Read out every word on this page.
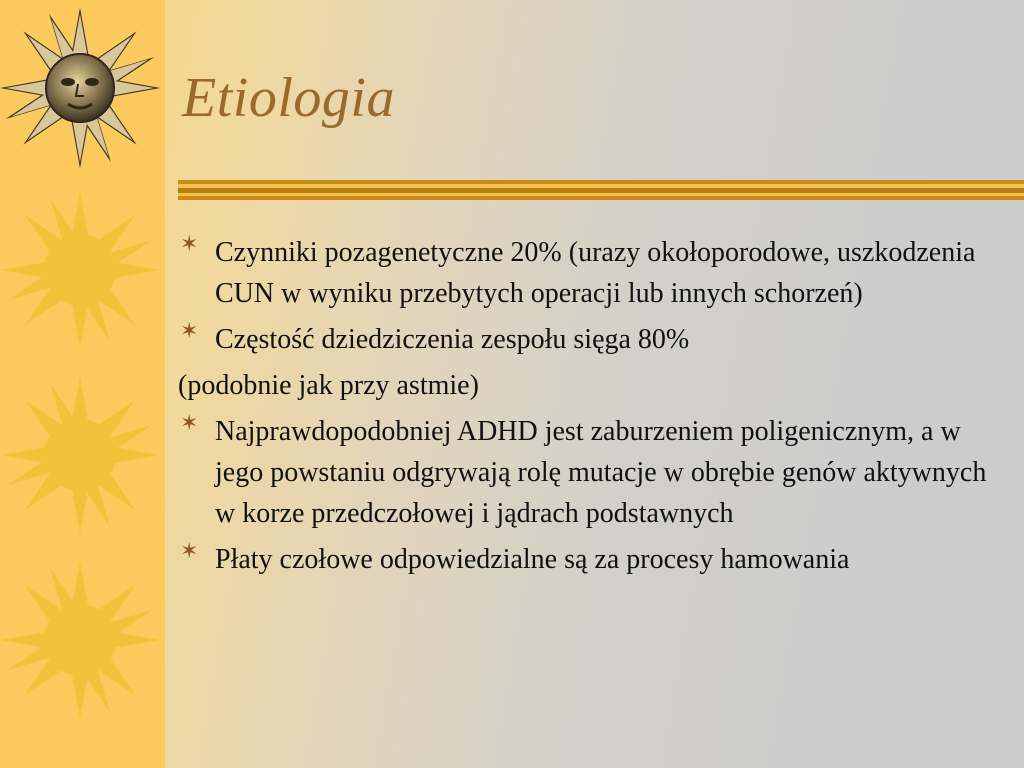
Etiologia
✶ Czynniki pozagenetyczne 20% (urazy okołoporodowe, uszkodzenia CUN w wyniku przebytych operacji lub innych schorzeń)
✶ Częstość dziedziczenia zespołu sięga 80%
(podobnie jak przy astmie)
✶ Najprawdopodobniej ADHD jest zaburzeniem poligenicznym, a w jego powstaniu odgrywają rolę mutacje w obrębie genów aktywnych w korze przedczołowej i jądrach podstawnych
✶ Płaty czołowe odpowiedzialne są za procesy hamowania
